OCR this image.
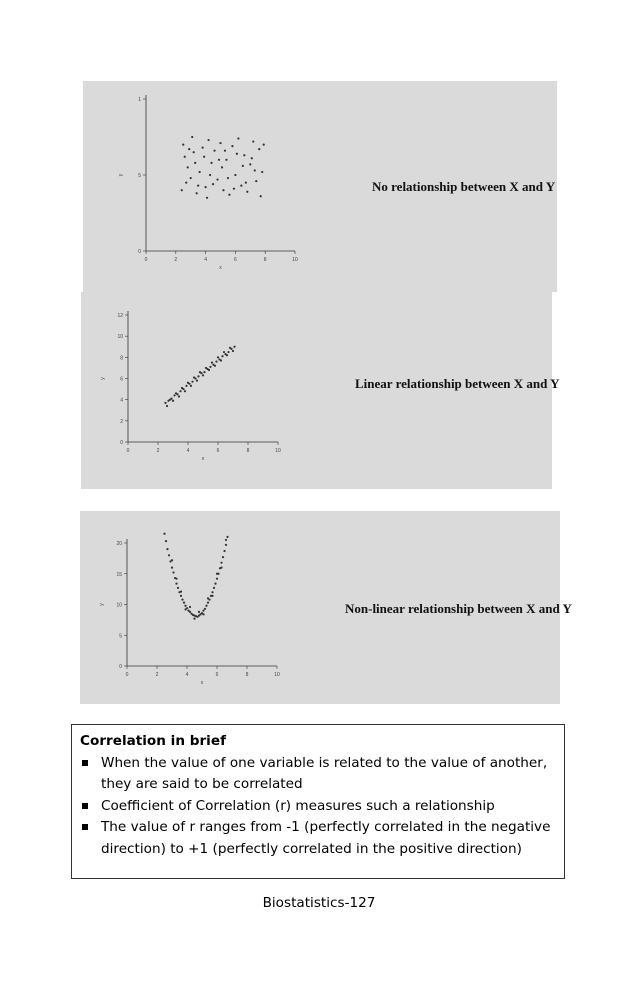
0	2	4	6	8	10
0
5
1
x
y
No relationship between X and Y
0	2	4	6	8	10
0
2
4
6
8
10
12
x
y	Linear relationship between X and Y
0	2	4	6	8	10
0
5
10
15
20
x
y	Non-linear relationship between X and Y
Correlation in brief
When the value of one variable is related to the value of another, they are said to be correlated
Coefficient of Correlation (r) measures such a relationship
The value of r ranges from -1 (perfectly correlated in the negative direction) to +1 (perfectly correlated in the positive direction)
Biostatistics-127
